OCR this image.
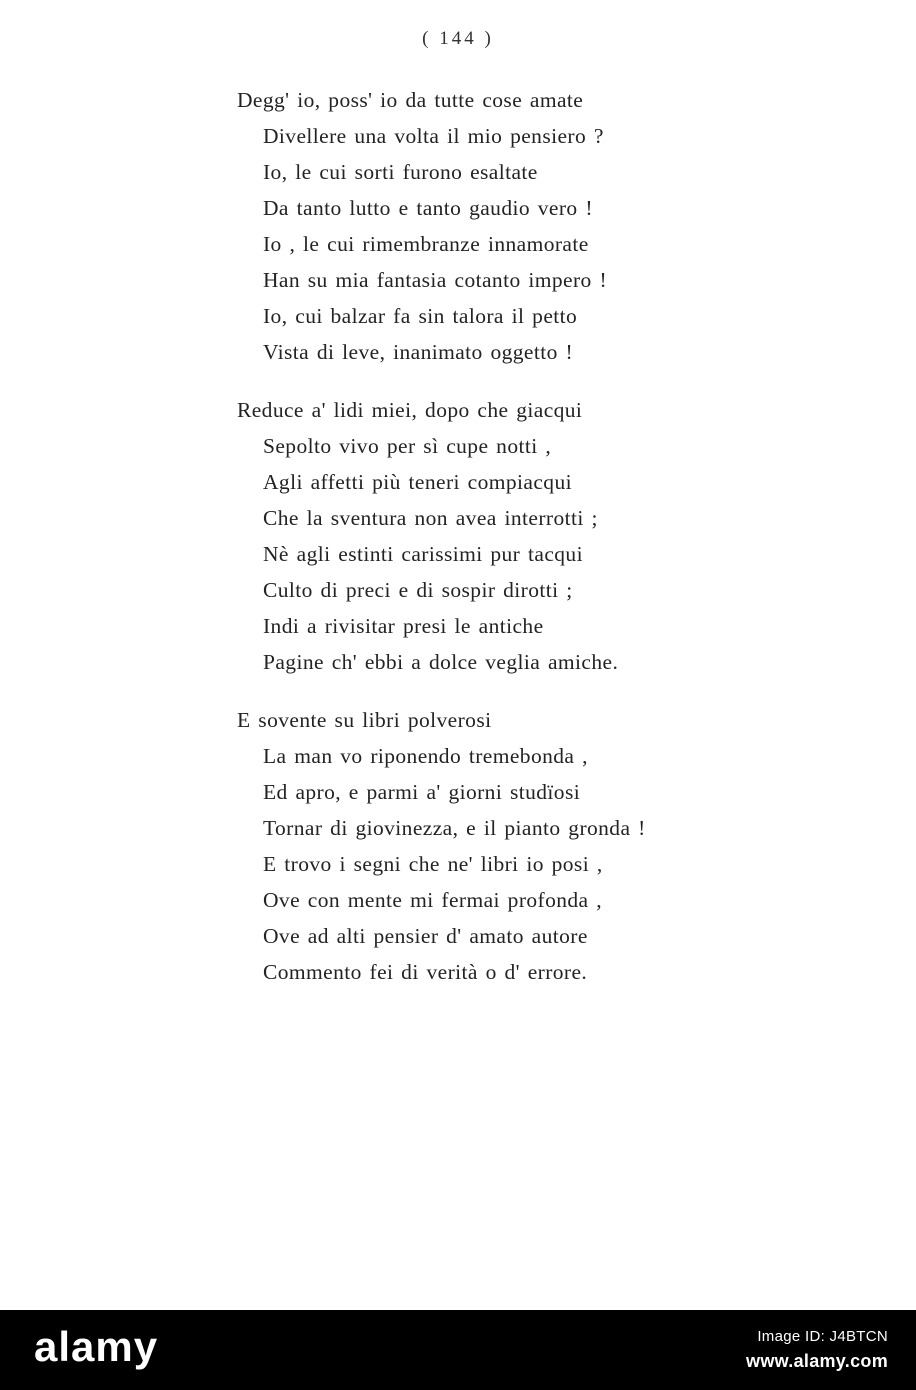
( 144 )
Degg' io, poss' io da tutte cose amate
Divellere una volta il mio pensiero ?
Io, le cui sorti furono esaltate
Da tanto lutto e tanto gaudio vero !
Io , le cui rimembranze innamorate
Han su mia fantasia cotanto impero !
Io, cui balzar fa sin talora il petto
Vista di leve, inanimato oggetto !
Reduce a' lidi miei, dopo che giacqui
Sepolto vivo per sì cupe notti ,
Agli affetti più teneri compiacqui
Che la sventura non avea interrotti ;
Nè agli estinti carissimi pur tacqui
Culto di preci e di sospir dirotti ;
Indi a rivisitar presi le antiche
Pagine ch' ebbi a dolce veglia amiche.
E sovente su libri polverosi
La man vo riponendo tremebonda ,
Ed apro, e parmi a' giorni studïosi
Tornar di giovinezza, e il pianto gronda !
E trovo i segni che ne' libri io posi ,
Ove con mente mi fermai profonda ,
Ove ad alti pensier d' amato autore
Commento fei di verità o d' errore.
alamy	Image ID: J4BTCN
www.alamy.com
